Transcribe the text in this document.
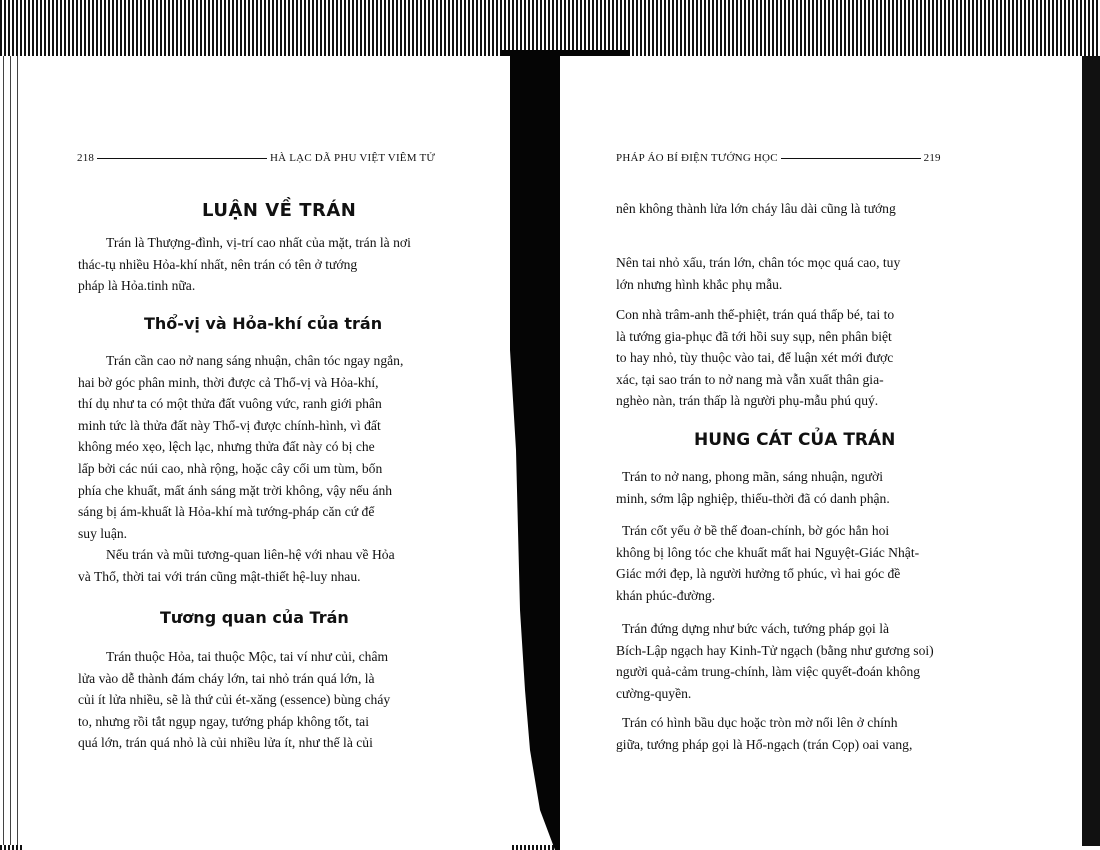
218	HÀ LẠC DÃ PHU VIỆT VIÊM TỬ
LUẬN VỀ TRÁN
Trán là Thượng-đình, vị-trí cao nhất của mặt, trán là nơi
thác-tụ nhiều Hỏa-khí nhất, nên trán có tên ở tướng
pháp là Hỏa.tinh nữa.
Thổ-vị và Hỏa-khí của trán
Trán cần cao nở nang sáng nhuận, chân tóc ngay ngắn,
hai bờ góc phân minh, thời được cả Thổ-vị và Hỏa-khí,
thí dụ như ta có một thửa đất vuông vức, ranh giới phân
minh tức là thửa đất này Thổ-vị được chính-hình, vì đất
không méo xẹo, lệch lạc, nhưng thửa đất này có bị che
lấp bởi các núi cao, nhà rộng, hoặc cây cối um tùm, bốn
phía che khuất, mất ánh sáng mặt trời không, vậy nếu ánh
sáng bị ám-khuất là Hỏa-khí mà tướng-pháp căn cứ để
suy luận.
Nếu trán và mũi tương-quan liên-hệ với nhau về Hỏa
và Thổ, thời tai với trán cũng mật-thiết hệ-luy nhau.
Tương quan của Trán
Trán thuộc Hỏa, tai thuộc Mộc, tai ví như củi, châm
lửa vào dễ thành đám cháy lớn, tai nhỏ trán quá lớn, là
củi ít lửa nhiều, sẽ là thứ củi ét-xăng (essence) bùng cháy
to, nhưng rồi tắt ngụp ngay, tướng pháp không tốt, tai
quá lớn, trán quá nhỏ là củi nhiều lửa ít, như thế là củi
PHÁP ÁO BÍ ĐIỆN TƯỚNG HỌC	219
nên không thành lửa lớn cháy lâu dài cũng là tướng
Nên tai nhỏ xấu, trán lớn, chân tóc mọc quá cao, tuy
lớn nhưng hình khắc phụ mẫu.
Con nhà trâm-anh thế-phiệt, trán quá thấp bé, tai to
là tướng gia-phục đã tới hồi suy sụp, nên phân biệt
to hay nhỏ, tùy thuộc vào tai, để luận xét mới được
xác, tại sao trán to nở nang mà vẫn xuất thân gia-
nghèo nàn, trán thấp là người phụ-mẫu phú quý.
HUNG CÁT CỦA TRÁN
Trán to nở nang, phong mãn, sáng nhuận, người
minh, sớm lập nghiệp, thiếu-thời đã có danh phận.
Trán cốt yếu ở bề thế đoan-chính, bờ góc hẳn hoi
không bị lông tóc che khuất mất hai Nguyệt-Giác Nhật-
Giác mới đẹp, là người hưởng tổ phúc, vì hai góc đề
khán phúc-đường.
Trán đứng dựng như bức vách, tướng pháp gọi là
Bích-Lập ngạch hay Kinh-Tử ngạch (bằng như gương soi)
người quả-cảm trung-chính, làm việc quyết-đoán không
cường-quyền.
Trán có hình bầu dục hoặc tròn mờ nổi lên ở chính
giữa, tướng pháp gọi là Hổ-ngạch (trán Cọp) oai vang,
